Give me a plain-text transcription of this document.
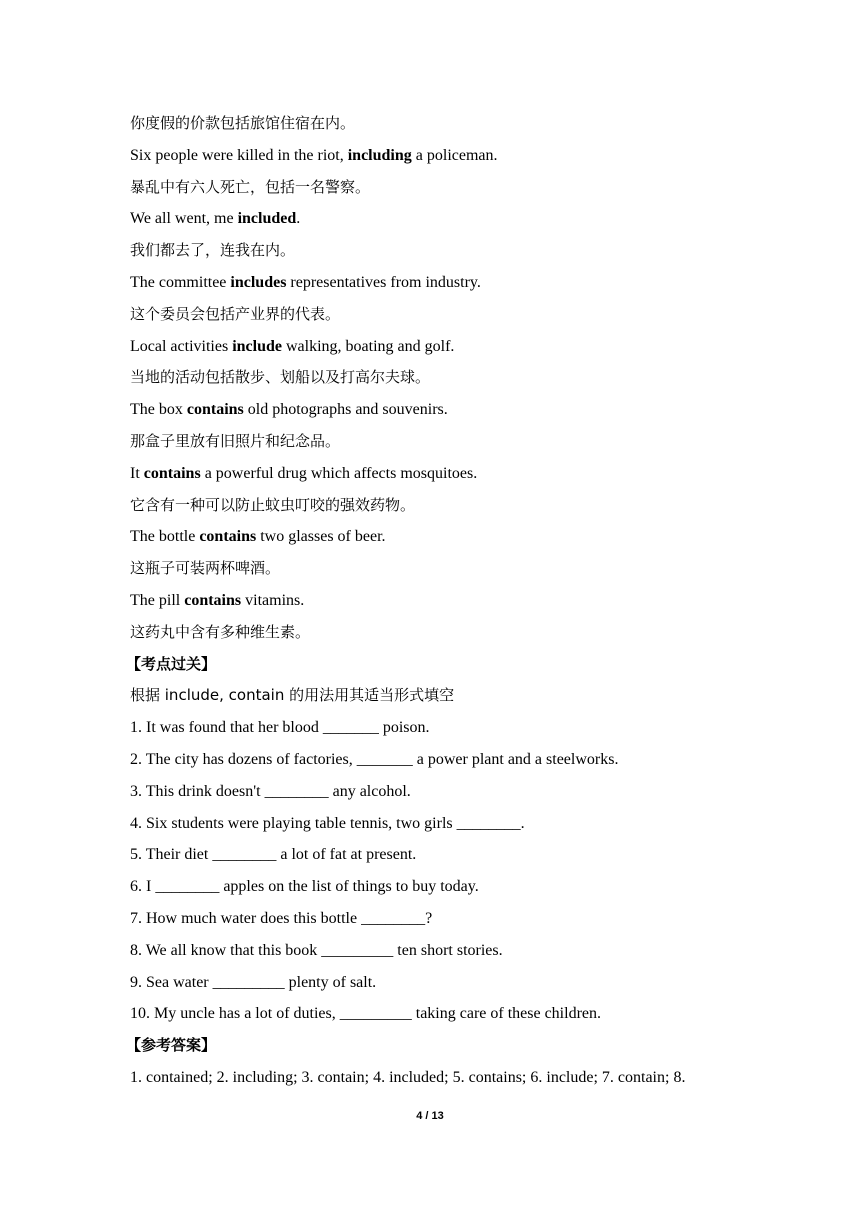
你度假的价款包括旅馆住宿在内。
Six people were killed in the riot, including a policeman.
暴乱中有六人死亡，包括一名警察。
We all went, me included.
我们都去了，连我在内。
The committee includes representatives from industry.
这个委员会包括产业界的代表。
Local activities include walking, boating and golf.
当地的活动包括散步、划船以及打高尔夫球。
The box contains old photographs and souvenirs.
那盒子里放有旧照片和纪念品。
It contains a powerful drug which affects mosquitoes.
它含有一种可以防止蚊虫叮咬的强效药物。
The bottle contains two glasses of beer.
这瓶子可装两杯啤酒。
The pill contains vitamins.
这药丸中含有多种维生素。
【考点过关】
根据 include, contain 的用法用其适当形式填空
1. It was found that her blood _______ poison.
2. The city has dozens of factories, _______ a power plant and a steelworks.
3. This drink doesn't ________ any alcohol.
4. Six students were playing table tennis, two girls ________.
5. Their diet ________ a lot of fat at present.
6. I ________ apples on the list of things to buy today.
7. How much water does this bottle ________?
8. We all know that this book _________ ten short stories.
9. Sea water _________ plenty of salt.
10. My uncle has a lot of duties, _________ taking care of these children.
【参考答案】
1. contained; 2. including; 3. contain; 4. included; 5. contains; 6. include; 7. contain; 8.
4 / 13
